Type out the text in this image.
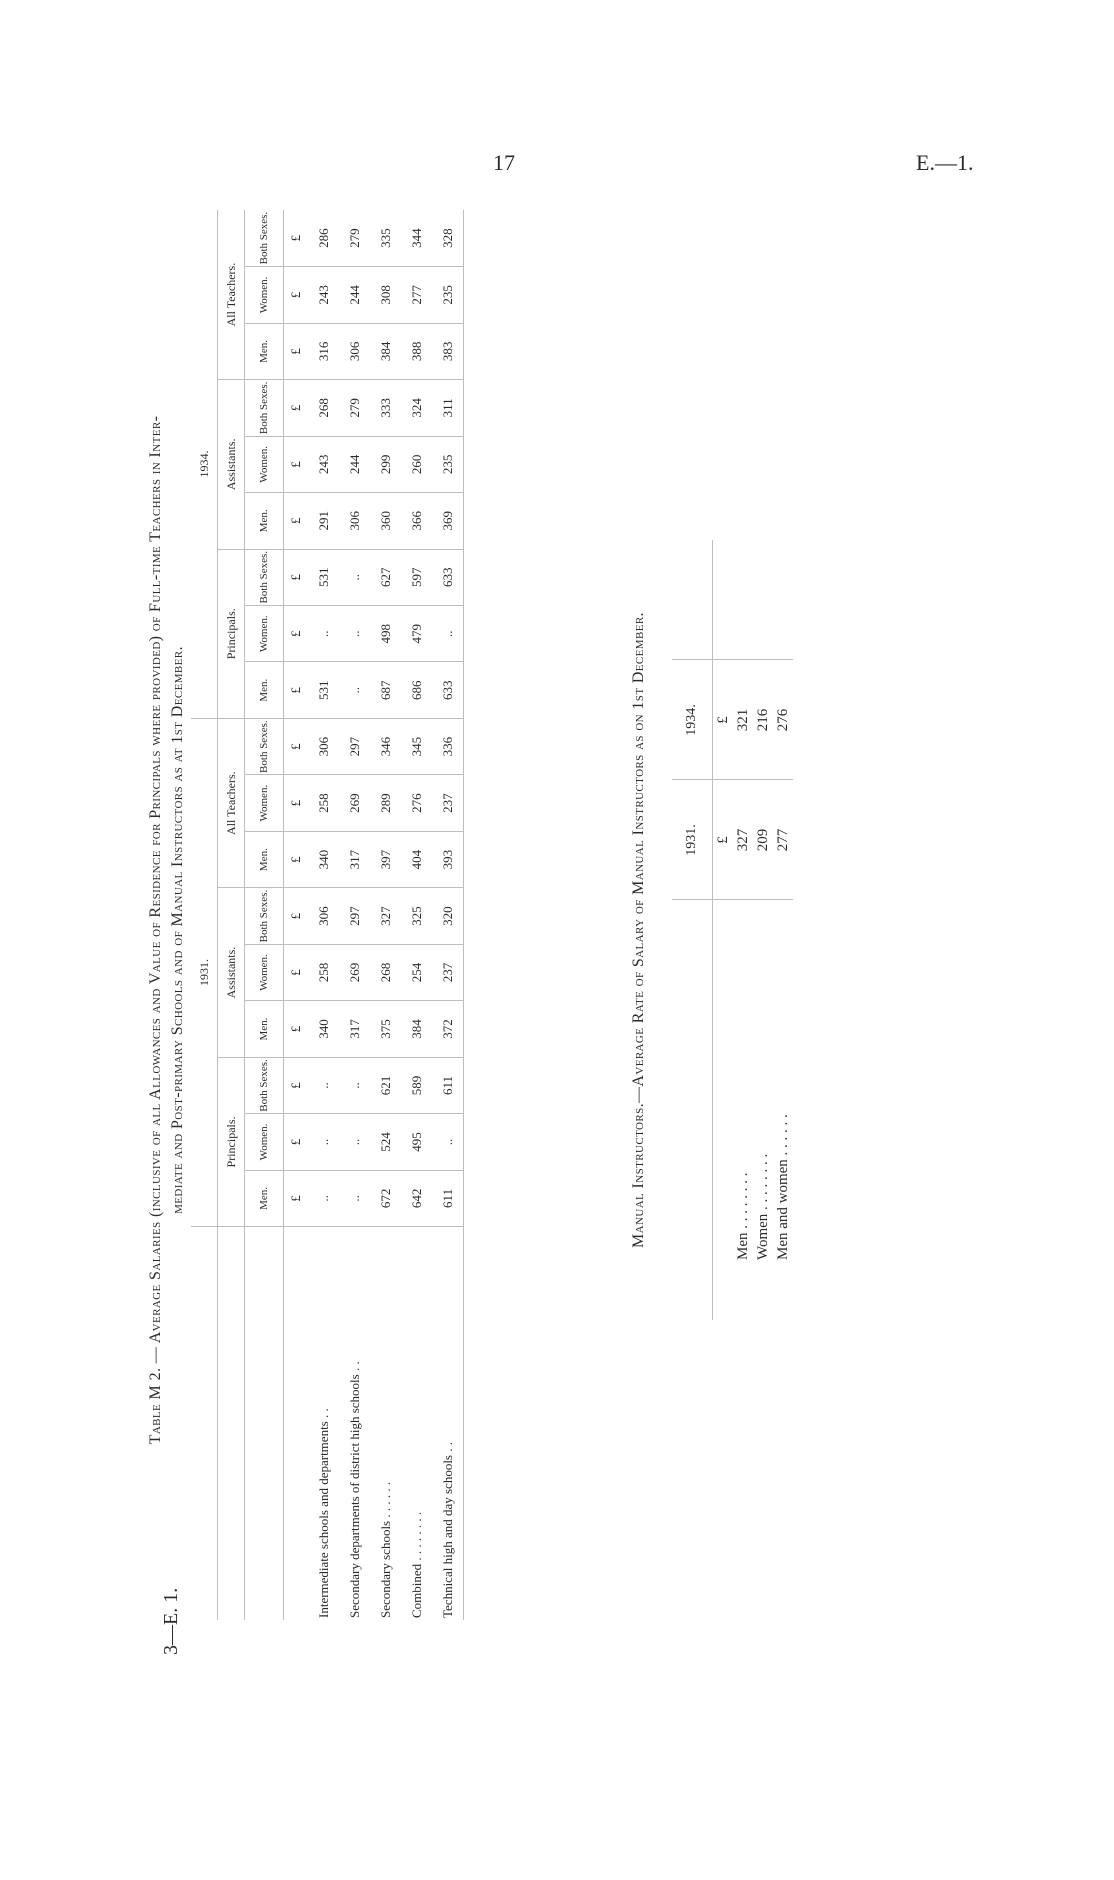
17	E.—1.
Table M 2. — Average Salaries (inclusive of all Allowances and Value of Residence for Principals where provided) of Full-time Teachers in Inter- mediate and Post-primary Schools and of Manual Instructors as at 1st December.
	1931.									1934.								
	Principals.			Assistants.			All Teachers.			Principals.			Assistants.			All Teachers.		
	Men.	Women.	Both Sexes.	Men.	Women.	Both Sexes.	Men.	Women.	Both Sexes.	Men.	Women.	Both Sexes.	Men.	Women.	Both Sexes.	Men.	Women.	Both Sexes.
	£	£	£	£	£	£	£	£	£	£	£	£	£	£	£	£	£	£
Intermediate schools and departments . .	..	..	..	340	258	306	340	258	306	531	..	531	291	243	268	316	243	286
Secondary departments of district high schools . .	..	..	..	317	269	297	317	269	297	..	..	..	306	244	279	306	244	279
Secondary schools . . . . . .	672	524	621	375	268	327	397	289	346	687	498	627	360	299	333	384	308	335
Combined . . . . . . . .	642	495	589	384	254	325	404	276	345	686	479	597	366	260	324	388	277	344
Technical high and day schools . .	611	..	611	372	237	320	393	237	336	633	..	633	369	235	311	383	235	328
Manual Instructors.—Average Rate of Salary of Manual Instructors as on 1st December.
		1931.	1934.	
	£	£	
Men . . . . . . . .	327	321	
Women . . . . . . . .	209	216	
Men and women . . . . . .	277	276	
3—E. 1.
